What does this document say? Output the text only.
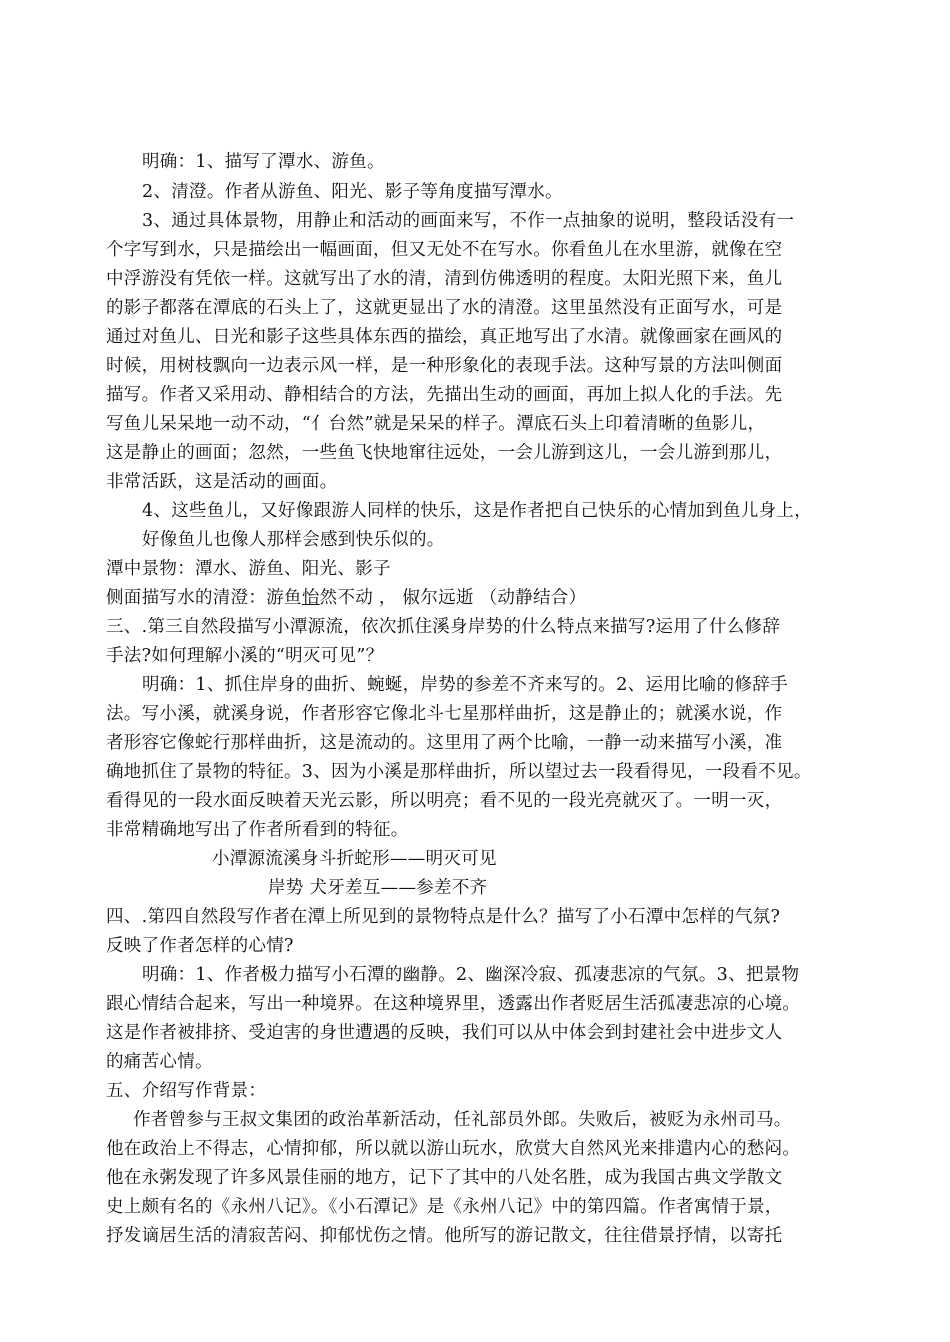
明确：1、描写了潭水、游鱼。
2、清澄。作者从游鱼、阳光、影子等角度描写潭水。
3、通过具体景物，用静止和活动的画面来写，不作一点抽象的说明，整段话没有一
个字写到水，只是描绘出一幅画面，但又无处不在写水。你看鱼儿在水里游，就像在空
中浮游没有凭依一样。这就写出了水的清，清到仿佛透明的程度。太阳光照下来，鱼儿
的影子都落在潭底的石头上了，这就更显出了水的清澄。这里虽然没有正面写水，可是
通过对鱼儿、日光和影子这些具体东西的描绘，真正地写出了水清。就像画家在画风的
时候，用树枝飘向一边表示风一样，是一种形象化的表现手法。这种写景的方法叫侧面
描写。作者又采用动、静相结合的方法，先描出生动的画面，再加上拟人化的手法。先
写鱼儿呆呆地一动不动，“亻台然”就是呆呆的样子。潭底石头上印着清晰的鱼影儿，
这是静止的画面；忽然，一些鱼飞快地窜往远处，一会儿游到这儿，一会儿游到那儿，
非常活跃，这是活动的画面。
4、这些鱼儿，又好像跟游人同样的快乐，这是作者把自己快乐的心情加到鱼儿身上，
好像鱼儿也像人那样会感到快乐似的。
潭中景物：潭水、游鱼、阳光、影子
侧面描写水的清澄：游鱼怡然不动 ， 俶尔远逝 （动静结合）
三、.第三自然段描写小潭源流，依次抓住溪身岸势的什么特点来描写?运用了什么修辞
手法?如何理解小溪的“明灭可见”？
明确：1、抓住岸身的曲折、蜿蜒，岸势的参差不齐来写的。2、运用比喻的修辞手
法。写小溪，就溪身说，作者形容它像北斗七星那样曲折，这是静止的；就溪水说，作
者形容它像蛇行那样曲折，这是流动的。这里用了两个比喻，一静一动来描写小溪，准
确地抓住了景物的特征。3、因为小溪是那样曲折，所以望过去一段看得见，一段看不见。
看得见的一段水面反映着天光云影，所以明亮；看不见的一段光亮就灭了。一明一灭，
非常精确地写出了作者所看到的特征。
小潭源流溪身斗折蛇形——明灭可见
岸势 犬牙差互——参差不齐
四、.第四自然段写作者在潭上所见到的景物特点是什么？描写了小石潭中怎样的气氛?
反映了作者怎样的心情?
明确：1、作者极力描写小石潭的幽静。2、幽深冷寂、孤凄悲凉的气氛。3、把景物
跟心情结合起来，写出一种境界。在这种境界里，透露出作者贬居生活孤凄悲凉的心境。
这是作者被排挤、受迫害的身世遭遇的反映，我们可以从中体会到封建社会中进步文人
的痛苦心情。
五、介绍写作背景：
作者曾参与王叔文集团的政治革新活动，任礼部员外郎。失败后，被贬为永州司马。
他在政治上不得志，心情抑郁，所以就以游山玩水，欣赏大自然风光来排遣内心的愁闷。
他在永粥发现了许多风景佳丽的地方，记下了其中的八处名胜，成为我国古典文学散文
史上颇有名的《永州八记》。《小石潭记》是《永州八记》中的第四篇。作者寓情于景，
抒发谪居生活的清寂苦闷、抑郁忧伤之情。他所写的游记散文，往往借景抒情，以寄托
